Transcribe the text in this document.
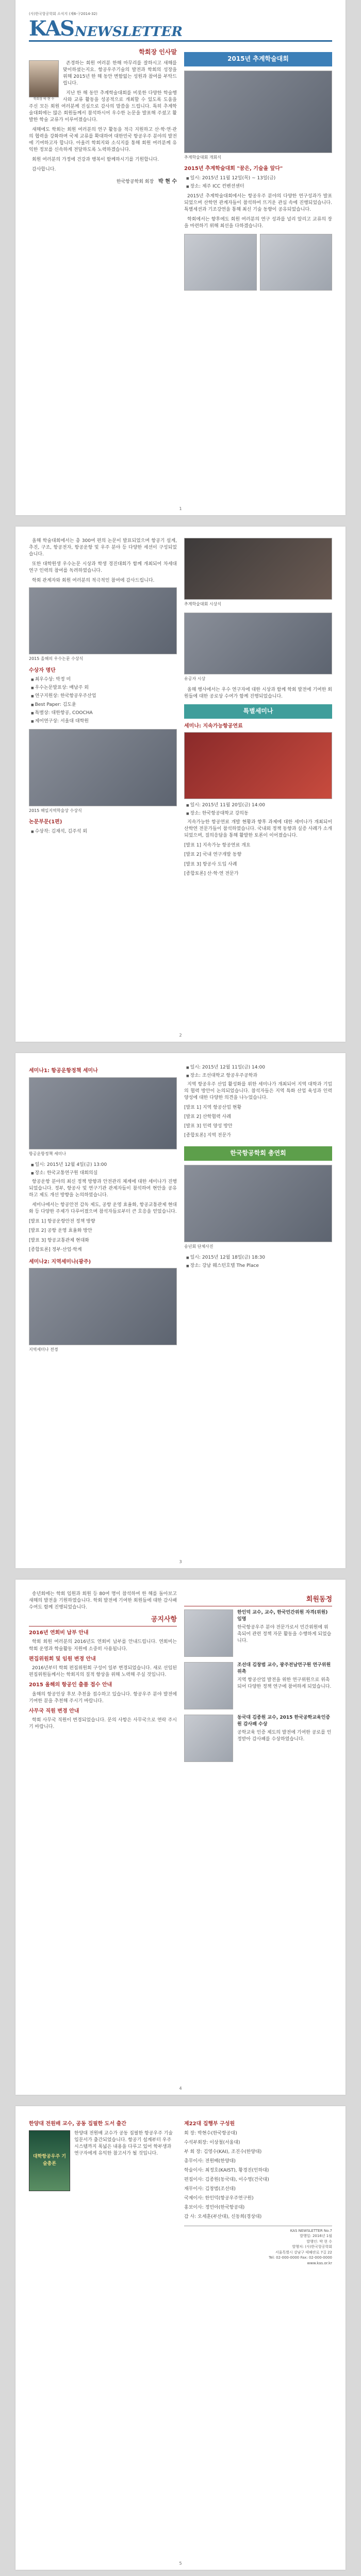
(사)한국항공학회 소식지 (제6-구2014-32)
KAS NEWSLETTER
학회장 인사말

존경하는 회원 여러분 한해 마무리를 잘하시고 새해를 맞이하셨는지요. 항공우주기술의 발전과 학회의 성장을 위해 2015년 한 해 동안 변함없는 성원과 참여를 부탁드립니다.

학회장 박 현 수

지난 한 해 동안 추계학술대회를 비롯한 다양한 학술행사와 교류 활동을 성공적으로 개최할 수 있도록 도움을 주신 모든 회원 여러분께 진심으로 감사의 말씀을 드립니다. 특히 추계학술대회에는 많은 회원들께서 참석하시어 우수한 논문을 발표해 주셨고 활발한 학술 교류가 이루어졌습니다.

새해에도 학회는 회원 여러분의 연구 활동을 적극 지원하고 산·학·연·관의 협력을 강화하며 국제 교류를 확대하여 대한민국 항공우주 분야의 발전에 기여하고자 합니다. 아울러 학회지와 소식지를 통해 회원 여러분께 유익한 정보를 신속하게 전달하도록 노력하겠습니다.

회원 여러분의 가정에 건강과 행복이 함께하시기를 기원합니다.

감사합니다.

한국항공학회 회장 박 현 수
2015년 추계학술대회
추계학술대회 개회식
2015년 추계학술대회 "꿈은, 기술을 앞다"
■ 일시: 2015년 11월 12일(목) ~ 13일(금)
■ 장소: 제주 ICC 컨벤션센터

2015년 추계학술대회에서는 항공우주 분야의 다양한 연구성과가 발표되었으며 산학연 관계자들이 참석하여 뜨거운 관심 속에 진행되었습니다. 특별세션과 기조강연을 통해 최신 기술 동향이 공유되었습니다.

학회에서는 향후에도 회원 여러분의 연구 성과를 널리 알리고 교류의 장을 마련하기 위해 최선을 다하겠습니다.

1

올해 학술대회에서는 총 300여 편의 논문이 발표되었으며 항공기 설계, 추진, 구조, 항공전자, 항공운항 및 우주 분야 등 다양한 세션이 구성되었습니다.

또한 대학원생 우수논문 시상과 학생 경진대회가 함께 개최되어 차세대 연구 인력의 참여를 독려하였습니다.

학회 관계자와 회원 여러분의 적극적인 참여에 감사드립니다.

2015 올해의 우수논문 수상식
수상자 명단
■ 최우수상: 박정 미
■ 우수논문발표상: 배남주 외
■ 연구지원상: 한국항공우주산업
■ Best Paper: 김도윤
■ 특별상: 대한항공, COOCHA
■ 제어연구상: 서울대 대학원
2015 해일지역학술상 수상식
논문부문(1편)
■ 수상작: 김재석, 김주석 외
추계학술대회 시상식
유공자 시상

올해 행사에서는 우수 연구자에 대한 시상과 함께 학회 발전에 기여한 회원들에 대한 공로상 수여가 함께 진행되었습니다.

특별세미나
세미나: 지속가능항공연료
■ 일시: 2015년 11월 20일(금) 14:00
■ 장소: 한국항공대학교 강의동

지속가능한 항공연료 개발 현황과 향후 과제에 대한 세미나가 개최되어 산학연 전문가들이 참석하였습니다. 국내외 정책 동향과 실증 사례가 소개되었으며, 질의응답을 통해 활발한 토론이 이어졌습니다.

[발표 1] 지속가능 항공연료 개요
[발표 2] 국내 연구개발 동향
[발표 3] 항공사 도입 사례
[종합토론] 산·학·연 전문가
2
세미나1: 항공운항정책 세미나
항공운항정책 세미나
■ 일시: 2015년 12월 4일(금) 13:00
■ 장소: 한국교통연구원 대회의실

항공운항 분야의 최신 정책 방향과 안전관리 체계에 대한 세미나가 진행되었습니다. 정부, 항공사 및 연구기관 관계자들이 참석하여 현안을 공유하고 제도 개선 방향을 논의하였습니다.

세미나에서는 항공안전 감독 제도, 공항 운영 효율화, 항공교통관제 현대화 등 다양한 주제가 다루어졌으며 참석자들로부터 큰 호응을 얻었습니다.

[발표 1] 항공운항안전 정책 방향
[발표 2] 공항 운영 효율화 방안
[발표 3] 항공교통관제 현대화
[종합토론] 정부·산업·학계
세미나2: 지역세미나(광주)
지역세미나 전경
■ 일시: 2015년 12월 11일(금) 14:00
■ 장소: 조선대학교 항공우주공학과

지역 항공우주 산업 활성화를 위한 세미나가 개최되어 지역 대학과 기업의 협력 방안이 논의되었습니다. 참석자들은 지역 특화 산업 육성과 인력 양성에 대한 다양한 의견을 나누었습니다.

[발표 1] 지역 항공산업 현황
[발표 2] 산학협력 사례
[발표 3] 인력 양성 방안
[종합토론] 지역 전문가
한국항공학회 총연회
송년회 단체사진
■ 일시: 2015년 12월 18일(금) 18:30
■ 장소: 강남 웨스턴호텔 The Place
3

송년회에는 학회 임원과 회원 등 80여 명이 참석하여 한 해를 돌아보고 새해의 발전을 기원하였습니다. 학회 발전에 기여한 회원들에 대한 감사패 수여도 함께 진행되었습니다.

공지사항
2016년 연회비 납부 안내

학회 회원 여러분의 2016년도 연회비 납부를 안내드립니다. 연회비는 학회 운영과 학술활동 지원에 소중히 사용됩니다.

편집위원회 및 임원 변경 안내

2016년부터 학회 편집위원회 구성이 일부 변경되었습니다. 새로 선임된 편집위원들께서는 학회지의 질적 향상을 위해 노력해 주실 것입니다.

2015 올해의 항공인 출품 접수 안내

올해의 항공인상 후보 추천을 접수하고 있습니다. 항공우주 분야 발전에 기여한 분을 추천해 주시기 바랍니다.

사무국 직원 변경 안내

학회 사무국 직원이 변경되었습니다. 문의 사항은 사무국으로 연락 주시기 바랍니다.

회원동정
한인덕 교수, 교수, 한국민간위원 자격(위원) 임명
한국항공우주 분야 전문가로서 민간위원에 위촉되어 관련 정책 자문 활동을 수행하게 되었습니다.
조선대 김창범 교수, 광주전남연구원 연구위원 위촉
지역 항공산업 발전을 위한 연구위원으로 위촉되어 다양한 정책 연구에 참여하게 되었습니다.
동국대 김종원 교수, 2015 한국공학교육인증원 감사패 수상
공학교육 인증 제도의 발전에 기여한 공로를 인정받아 감사패를 수상하였습니다.
4
한양대 전원배 교수, 공동 집필한 도서 출간
대학항공우주 기술총론
한양대 전원배 교수가 공동 집필한 항공우주 기술 입문서가 출간되었습니다. 항공기 설계부터 우주 시스템까지 폭넓은 내용을 다루고 있어 학부생과 연구자에게 유익한 참고서가 될 것입니다.
제22대 집행부 구성원
회 장: 박현수(한국항공대)
수석부회장: 이상철(서울대)
부 회 장: 김영수(KAI), 조진수(한양대)
총무이사: 전원배(한양대)
학술이사: 최정호(KAIST), 황경진(인하대)
편집이사: 김종원(동국대), 이수영(건국대)
재무이사: 김창범(조선대)
국제이사: 한인덕(항공우주연구원)
홍보이사: 정민아(한국항공대)
감 사: 오세훈(부산대), 신동희(경상대)
KAS NEWSLETTER No.7
발행일: 2016년 1월
발행인: 박 현 수
발행처: (사)한국항공학회
서울특별시 강남구 테헤란로 7길 22
Tel: 02-000-0000 Fax: 02-000-0000
www.kas.or.kr
5
